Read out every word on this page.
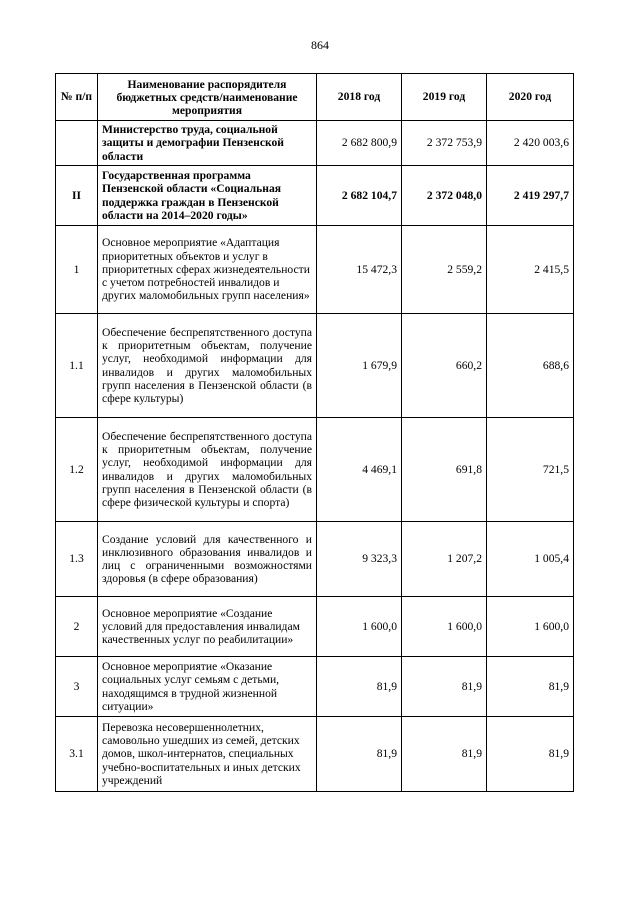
864
№ п/п	Наименование распорядителя бюджетных средств/наименование мероприятия	2018 год	2019 год	2020 год
	Министерство труда, социальной защиты и демографии Пензенской области	2 682 800,9	2 372 753,9	2 420 003,6
II	Государственная программа Пензенской области «Социальная поддержка граждан в Пензенской области на 2014–2020 годы»	2 682 104,7	2 372 048,0	2 419 297,7
1	Основное мероприятие «Адаптация приоритетных объектов и услуг в приоритетных сферах жизнедеятельности с учетом потребностей инвалидов и других маломобильных групп населения»	15 472,3	2 559,2	2 415,5
1.1	Обеспечение беспрепятственного доступа к приоритетным объектам, получение услуг, необходимой информации для инвалидов и других маломобильных групп населения в Пензенской области (в сфере культуры)	1 679,9	660,2	688,6
1.2	Обеспечение беспрепятственного доступа к приоритетным объектам, получение услуг, необходимой информации для инвалидов и других маломобильных групп населения в Пензенской области (в сфере физической культуры и спорта)	4 469,1	691,8	721,5
1.3	Создание условий для качественного и инклюзивного образования инвалидов и лиц с ограниченными возможностями здоровья (в сфере образования)	9 323,3	1 207,2	1 005,4
2	Основное мероприятие «Создание условий для предоставления инвалидам качественных услуг по реабилитации»	1 600,0	1 600,0	1 600,0
3	Основное мероприятие «Оказание социальных услуг семьям с детьми, находящимся в трудной жизненной ситуации»	81,9	81,9	81,9
3.1	Перевозка несовершеннолетних, самовольно ушедших из семей, детских домов, школ-интернатов, специальных учебно-воспитательных и иных детских учреждений	81,9	81,9	81,9
